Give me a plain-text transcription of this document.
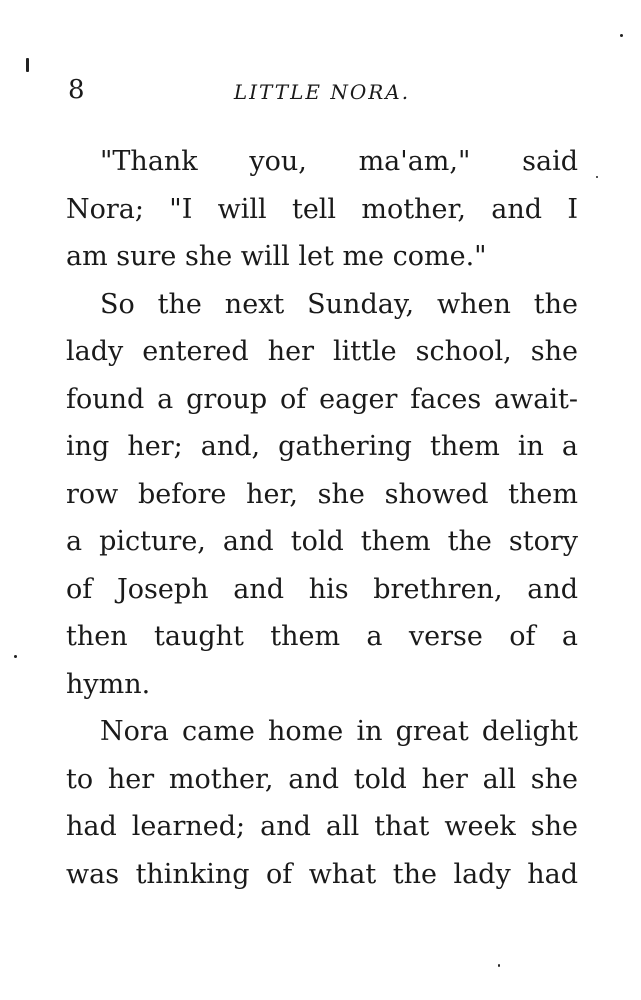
8	LITTLE NORA.
"Thank you, ma'am," said
Nora; "I will tell mother, and I
am sure she will let me come."
So the next Sunday, when the
lady entered her little school, she
found a group of eager faces await-
ing her; and, gathering them in a
row before her, she showed them
a picture, and told them the story
of Joseph and his brethren, and
then taught them a verse of a
hymn.
Nora came home in great delight
to her mother, and told her all she
had learned; and all that week she
was thinking of what the lady had
